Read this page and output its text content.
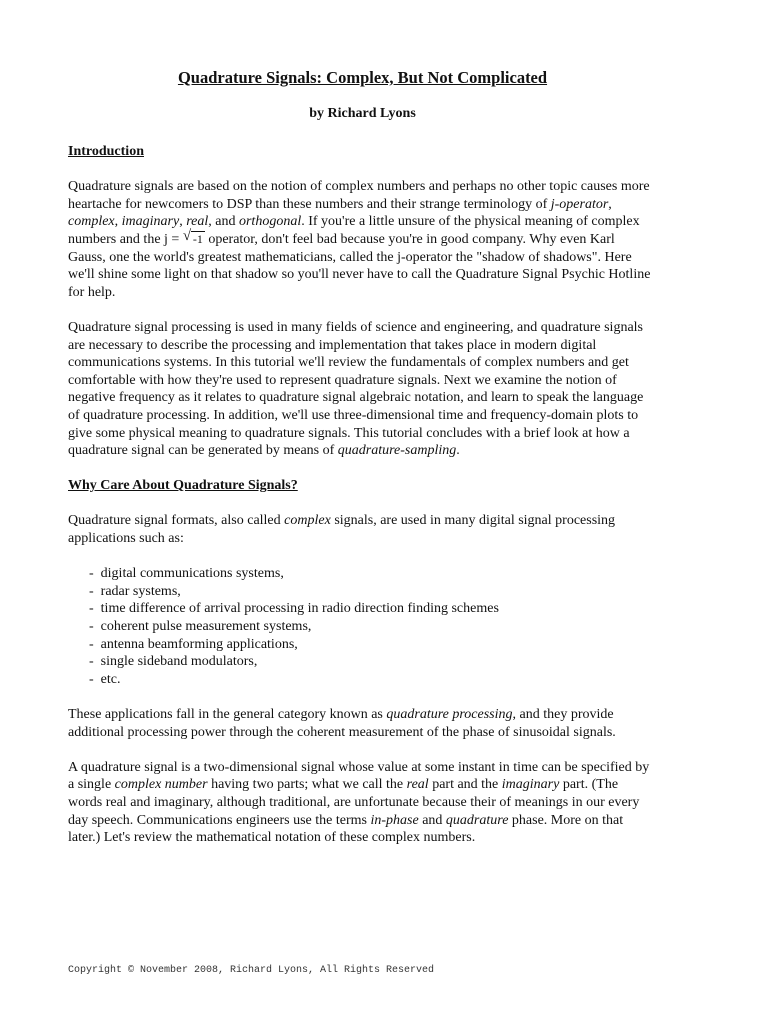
Quadrature Signals: Complex, But Not Complicated
by Richard Lyons

Introduction

Quadrature signals are based on the notion of complex numbers and perhaps no other topic causes more heartache for newcomers to DSP than these numbers and their strange terminology of j-operator, complex, imaginary, real, and orthogonal. If you're a little unsure of the physical meaning of complex numbers and the j = √ -1 operator, don't feel bad because you're in good company. Why even Karl Gauss, one the world's greatest mathematicians, called the j-operator the "shadow of shadows". Here we'll shine some light on that shadow so you'll never have to call the Quadrature Signal Psychic Hotline for help.

Quadrature signal processing is used in many fields of science and engineering, and quadrature signals are necessary to describe the processing and implementation that takes place in modern digital communications systems. In this tutorial we'll review the fundamentals of complex numbers and get comfortable with how they're used to represent quadrature signals. Next we examine the notion of negative frequency as it relates to quadrature signal algebraic notation, and learn to speak the language of quadrature processing. In addition, we'll use three-dimensional time and frequency-domain plots to give some physical meaning to quadrature signals. This tutorial concludes with a brief look at how a quadrature signal can be generated by means of quadrature-sampling.

Why Care About Quadrature Signals?

Quadrature signal formats, also called complex signals, are used in many digital signal processing applications such as:

- digital communications systems,
- radar systems,
- time difference of arrival processing in radio direction finding schemes
- coherent pulse measurement systems,
- antenna beamforming applications,
- single sideband modulators,
- etc.

These applications fall in the general category known as quadrature processing, and they provide additional processing power through the coherent measurement of the phase of sinusoidal signals.

A quadrature signal is a two-dimensional signal whose value at some instant in time can be specified by a single complex number having two parts; what we call the real part and the imaginary part. (The words real and imaginary, although traditional, are unfortunate because their of meanings in our every day speech. Communications engineers use the terms in-phase and quadrature phase. More on that later.) Let's review the mathematical notation of these complex numbers.

Copyright © November 2008, Richard Lyons, All Rights Reserved
